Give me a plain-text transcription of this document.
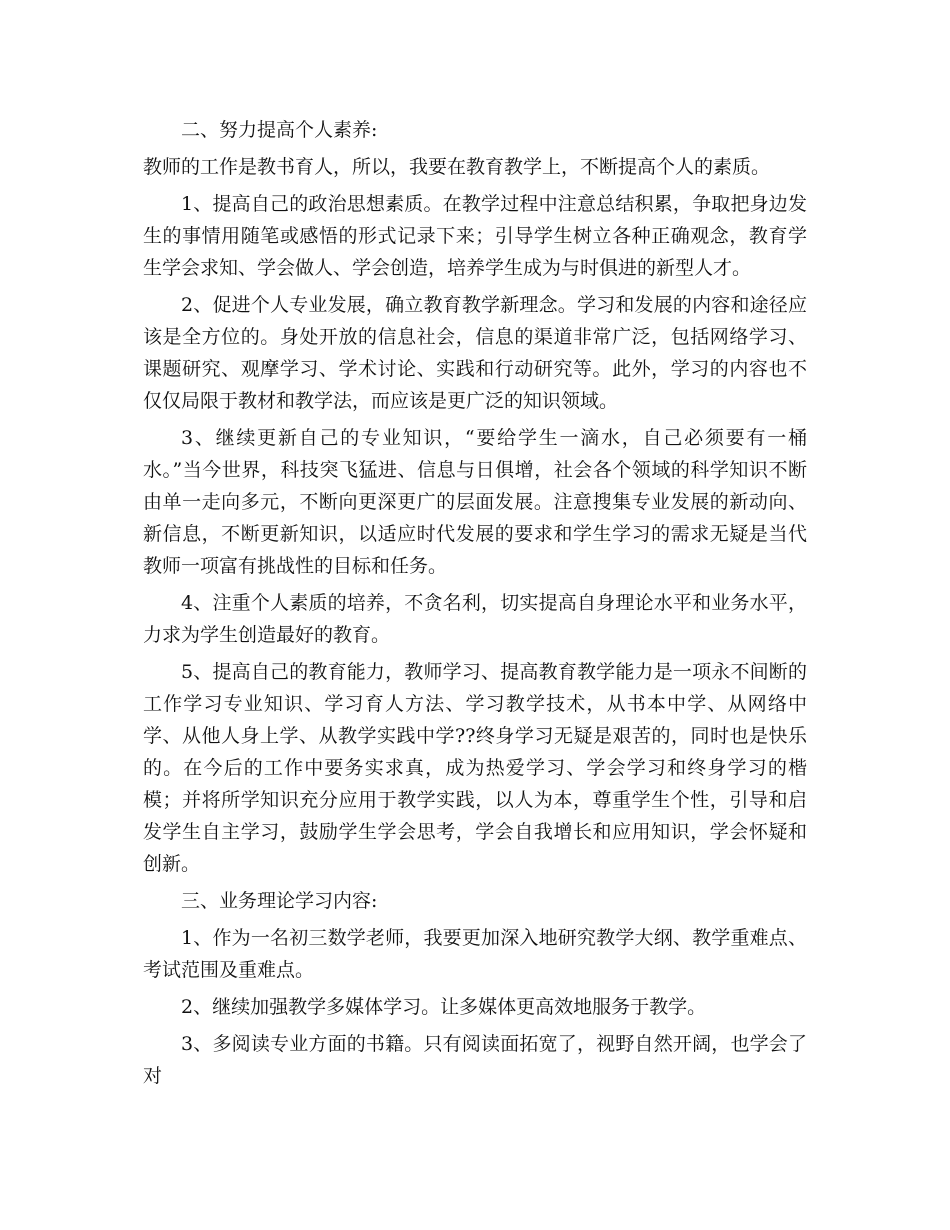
二、努力提高个人素养:

教师的工作是教书育人，所以，我要在教育教学上，不断提高个人的素质。

1、提高自己的政治思想素质。在教学过程中注意总结积累，争取把身边发生的事情用随笔或感悟的形式记录下来；引导学生树立各种正确观念，教育学生学会求知、学会做人、学会创造，培养学生成为与时俱进的新型人才。

2、促进个人专业发展，确立教育教学新理念。学习和发展的内容和途径应该是全方位的。身处开放的信息社会，信息的渠道非常广泛，包括网络学习、课题研究、观摩学习、学术讨论、实践和行动研究等。此外，学习的内容也不仅仅局限于教材和教学法，而应该是更广泛的知识领域。

3、继续更新自己的专业知识，“要给学生一滴水，自己必须要有一桶水。”当今世界，科技突飞猛进、信息与日俱增，社会各个领域的科学知识不断由单一走向多元，不断向更深更广的层面发展。注意搜集专业发展的新动向、新信息，不断更新知识，以适应时代发展的要求和学生学习的需求无疑是当代教师一项富有挑战性的目标和任务。

4、注重个人素质的培养，不贪名利，切实提高自身理论水平和业务水平，力求为学生创造最好的教育。

5、提高自己的教育能力，教师学习、提高教育教学能力是一项永不间断的工作学习专业知识、学习育人方法、学习教学技术，从书本中学、从网络中学、从他人身上学、从教学实践中学??终身学习无疑是艰苦的，同时也是快乐的。在今后的工作中要务实求真，成为热爱学习、学会学习和终身学习的楷模；并将所学知识充分应用于教学实践，以人为本，尊重学生个性，引导和启发学生自主学习，鼓励学生学会思考，学会自我增长和应用知识，学会怀疑和创新。

三、业务理论学习内容:

1、作为一名初三数学老师，我要更加深入地研究教学大纲、教学重难点、考试范围及重难点。

2、继续加强教学多媒体学习。让多媒体更高效地服务于教学。

3、多阅读专业方面的书籍。只有阅读面拓宽了，视野自然开阔，也学会了对
